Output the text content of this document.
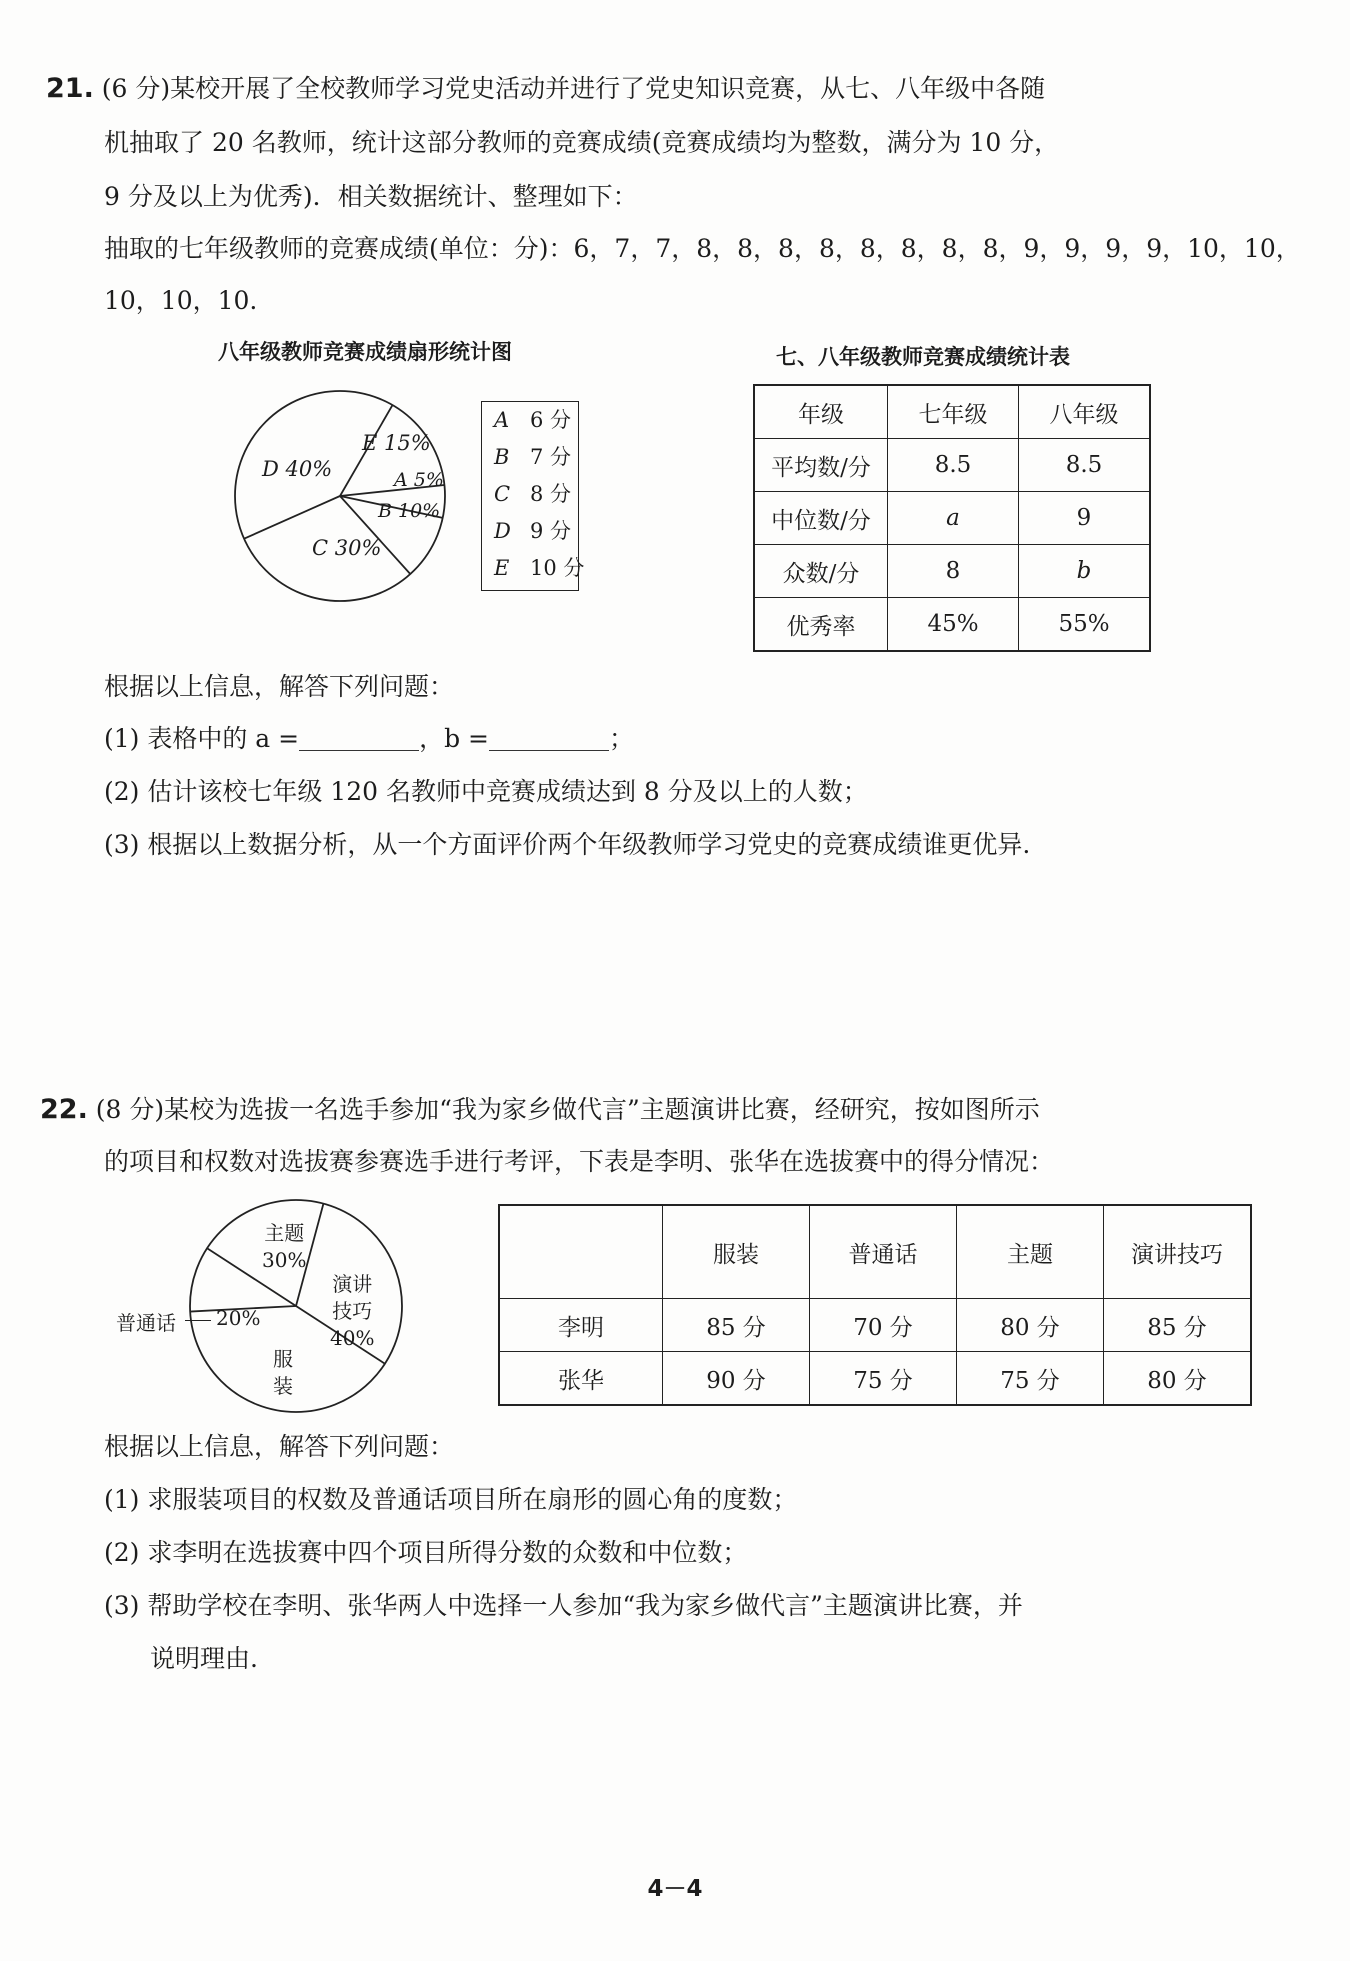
21. (6 分)某校开展了全校教师学习党史活动并进行了党史知识竞赛，从七、八年级中各随
机抽取了 20 名教师，统计这部分教师的竞赛成绩(竞赛成绩均为整数，满分为 10 分，
9 分及以上为优秀)．相关数据统计、整理如下：
抽取的七年级教师的竞赛成绩(单位：分)：6，7，7，8，8，8，8，8，8，8，8，9，9，9，9，10，10，
10，10，10.
八年级教师竞赛成绩扇形统计图	七、八年级教师竞赛成绩统计表
D 40%
E 15%
A 5%
B 10%
C 30%
A 6 分
B 7 分
C 8 分
D 9 分
E 10 分
年级	七年级	八年级
平均数/分	8.5	8.5
中位数/分	a	9
众数/分	8	b
优秀率	45%	55%
根据以上信息，解答下列问题：
(1) 表格中的 a =	，b =	；
(2) 估计该校七年级 120 名教师中竞赛成绩达到 8 分及以上的人数；
(3) 根据以上数据分析，从一个方面评价两个年级教师学习党史的竞赛成绩谁更优异.
22. (8 分)某校为选拔一名选手参加“我为家乡做代言”主题演讲比赛，经研究，按如图所示
的项目和权数对选拔赛参赛选手进行考评，下表是李明、张华在选拔赛中的得分情况：
主题
30%
演讲
技巧
40%
服
装
普通话 20%
	服装	普通话	主题	演讲技巧
李明	85 分	70 分	80 分	85 分
张华	90 分	75 分	75 分	80 分
根据以上信息，解答下列问题：
(1) 求服装项目的权数及普通话项目所在扇形的圆心角的度数；
(2) 求李明在选拔赛中四个项目所得分数的众数和中位数；
(3) 帮助学校在李明、张华两人中选择一人参加“我为家乡做代言”主题演讲比赛，并
说明理由.
4－4
